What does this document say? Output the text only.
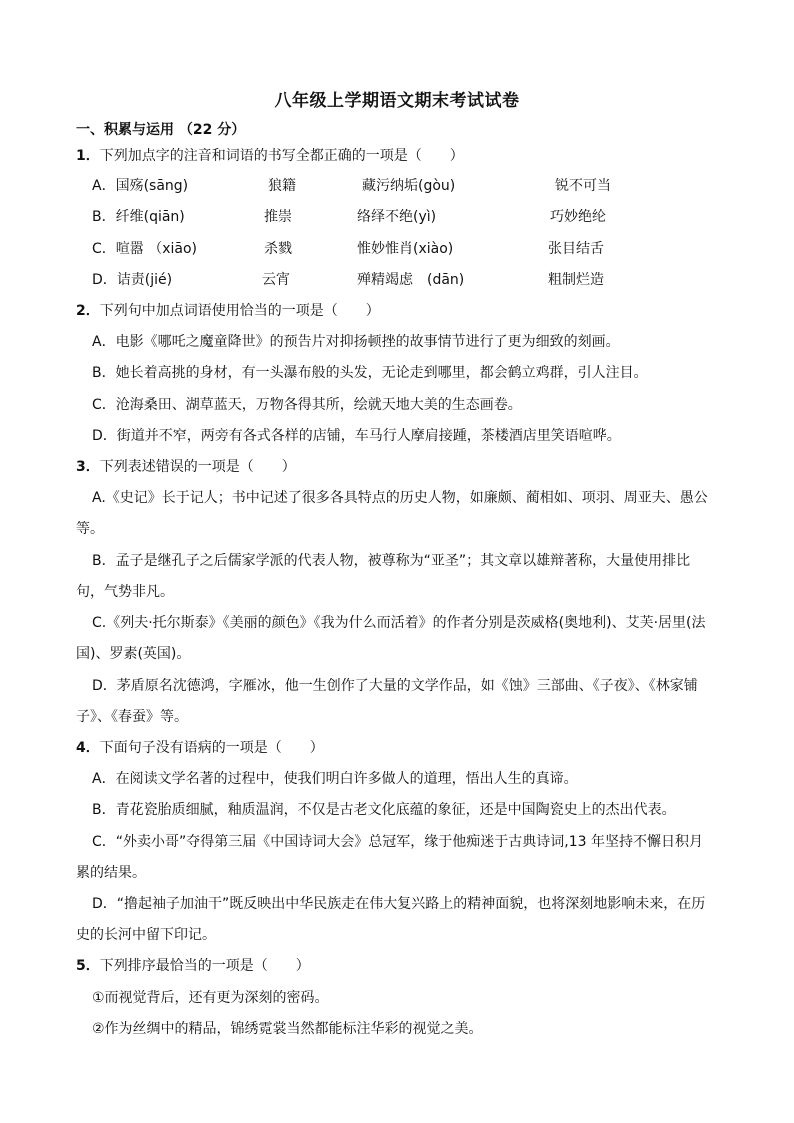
八年级上学期语文期末考试试卷
一、积累与运用 （22 分）
1．下列加点字的注音和词语的书写全都正确的一项是（　　）
A．国殇(sāng)	狼籍	藏污纳垢(gòu)	锐不可当
B．纤维(qiān)	推崇	络绎不绝(yì)	巧妙绝纶
C．喧嚣 （xiāo)	杀戮	惟妙惟肖(xiào)	张目结舌
D．诘责(jié)	云宵	殚精竭虑　(dān)	粗制烂造
2．下列句中加点词语使用恰当的一项是（　　）
A．电影《哪吒之魔童降世》的预告片对抑扬顿挫的故事情节进行了更为细致的刻画。
B．她长着高挑的身材，有一头瀑布般的头发，无论走到哪里，都会鹤立鸡群，引人注目。
C．沧海桑田、湖草蓝天，万物各得其所，绘就天地大美的生态画卷。
D．街道并不窄，两旁有各式各样的店铺，车马行人摩肩接踵，茶楼酒店里笑语喧哗。
3．下列表述错误的一项是（　　）
A.《史记》长于记人；书中记述了很多各具特点的历史人物，如廉颇、蔺相如、项羽、周亚夫、愚公
等。
B．孟子是继孔子之后儒家学派的代表人物，被尊称为“亚圣”；其文章以雄辩著称，大量使用排比
句，气势非凡。
C.《列夫·托尔斯泰》《美丽的颜色》《我为什么而活着》的作者分别是茨威格(奥地利)、艾芙·居里(法
国)、罗素(英国)。
D．茅盾原名沈德鸿，字雁冰，他一生创作了大量的文学作品，如《蚀》三部曲、《子夜》、《林家铺
子》、《春蚕》等。
4．下面句子没有语病的一项是（　　）
A．在阅读文学名著的过程中，使我们明白许多做人的道理，悟出人生的真谛。
B．青花瓷胎质细腻，釉质温润，不仅是古老文化底蕴的象征，还是中国陶瓷史上的杰出代表。
C．“外卖小哥”夺得第三届《中国诗词大会》总冠军，缘于他痴迷于古典诗词,13 年坚持不懈日积月
累的结果。
D．“撸起袖子加油干”既反映出中华民族走在伟大复兴路上的精神面貌，也将深刻地影响未来，在历
史的长河中留下印记。
5．下列排序最恰当的一项是（　　）
①而视觉背后，还有更为深刻的密码。
②作为丝绸中的精品，锦绣霓裳当然都能标注华彩的视觉之美。
